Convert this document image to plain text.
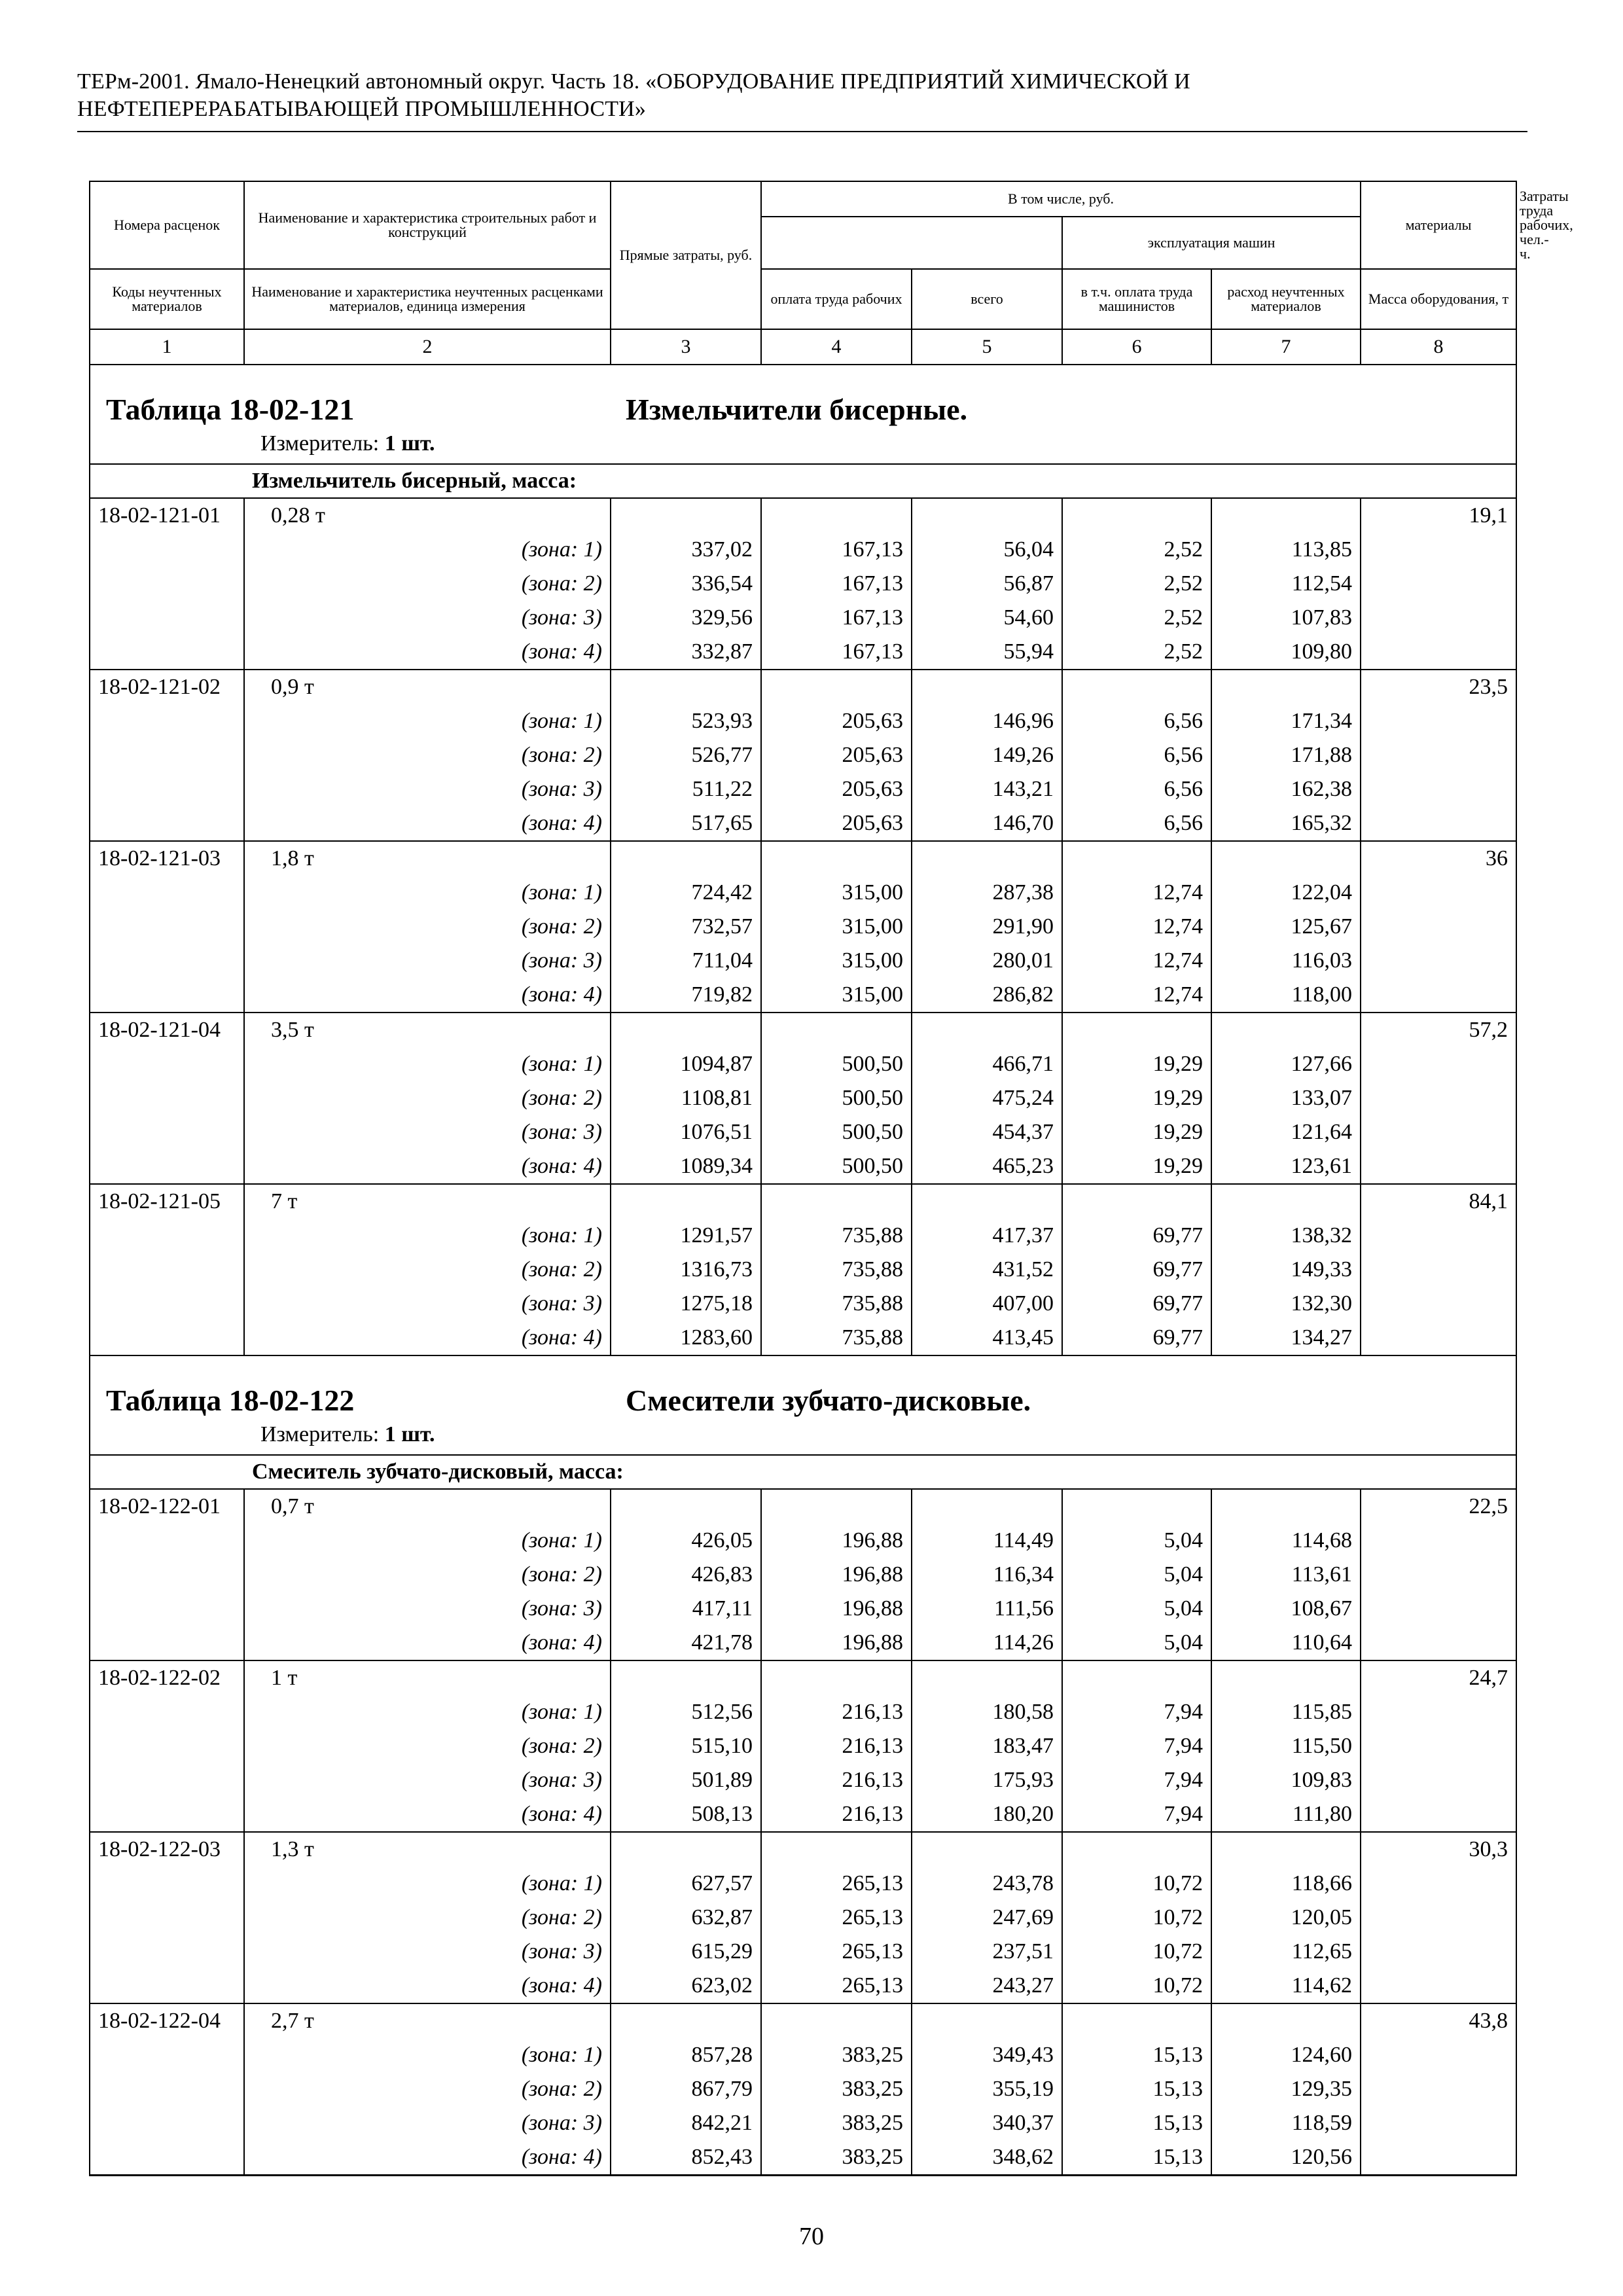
ТЕРм-2001. Ямало-Ненецкий автономный округ. Часть 18. «ОБОРУДОВАНИЕ ПРЕДПРИЯТИЙ ХИМИЧЕСКОЙ И
НЕФТЕПЕРЕРАБАТЫВАЮЩЕЙ ПРОМЫШЛЕННОСТИ»
Номера расценок	Наименование и характеристика строительных работ и конструкций	Прямые затраты, руб.	В том числе, руб.				материалы	Затраты труда рабочих, чел.-ч.
					эксплуатация машин			
Коды неучтенных материалов	Наименование и характеристика неучтенных расценками материалов, единица измерения		оплата труда рабочих	всего	в т.ч. оплата труда машинистов	расход неучтенных материалов	Масса оборудования, т	
1	2	3	4	5	6	7	8	

Таблица 18-02-121 Измельчители бисерные.
Измеритель: 1 шт.								

	Измельчитель бисерный, масса:							
18-02-121-01	0,28 т						19,1	
	(зона: 1)	337,02	167,13	56,04	2,52	113,85		
	(зона: 2)	336,54	167,13	56,87	2,52	112,54		
	(зона: 3)	329,56	167,13	54,60	2,52	107,83		
	(зона: 4)	332,87	167,13	55,94	2,52	109,80		
18-02-121-02	0,9 т						23,5	
	(зона: 1)	523,93	205,63	146,96	6,56	171,34		
	(зона: 2)	526,77	205,63	149,26	6,56	171,88		
	(зона: 3)	511,22	205,63	143,21	6,56	162,38		
	(зона: 4)	517,65	205,63	146,70	6,56	165,32		
18-02-121-03	1,8 т						36	
	(зона: 1)	724,42	315,00	287,38	12,74	122,04		
	(зона: 2)	732,57	315,00	291,90	12,74	125,67		
	(зона: 3)	711,04	315,00	280,01	12,74	116,03		
	(зона: 4)	719,82	315,00	286,82	12,74	118,00		
18-02-121-04	3,5 т						57,2	
	(зона: 1)	1094,87	500,50	466,71	19,29	127,66		
	(зона: 2)	1108,81	500,50	475,24	19,29	133,07		
	(зона: 3)	1076,51	500,50	454,37	19,29	121,64		
	(зона: 4)	1089,34	500,50	465,23	19,29	123,61		
18-02-121-05	7 т						84,1	
	(зона: 1)	1291,57	735,88	417,37	69,77	138,32		
	(зона: 2)	1316,73	735,88	431,52	69,77	149,33		
	(зона: 3)	1275,18	735,88	407,00	69,77	132,30		
	(зона: 4)	1283,60	735,88	413,45	69,77	134,27		

Таблица 18-02-122 Смесители зубчато-дисковые.
Измеритель: 1 шт.								

	Смеситель зубчато-дисковый, масса:							
18-02-122-01	0,7 т						22,5	
	(зона: 1)	426,05	196,88	114,49	5,04	114,68		
	(зона: 2)	426,83	196,88	116,34	5,04	113,61		
	(зона: 3)	417,11	196,88	111,56	5,04	108,67		
	(зона: 4)	421,78	196,88	114,26	5,04	110,64		
18-02-122-02	1 т						24,7	
	(зона: 1)	512,56	216,13	180,58	7,94	115,85		
	(зона: 2)	515,10	216,13	183,47	7,94	115,50		
	(зона: 3)	501,89	216,13	175,93	7,94	109,83		
	(зона: 4)	508,13	216,13	180,20	7,94	111,80		
18-02-122-03	1,3 т						30,3	
	(зона: 1)	627,57	265,13	243,78	10,72	118,66		
	(зона: 2)	632,87	265,13	247,69	10,72	120,05		
	(зона: 3)	615,29	265,13	237,51	10,72	112,65		
	(зона: 4)	623,02	265,13	243,27	10,72	114,62		
18-02-122-04	2,7 т						43,8	
	(зона: 1)	857,28	383,25	349,43	15,13	124,60		
	(зона: 2)	867,79	383,25	355,19	15,13	129,35		
	(зона: 3)	842,21	383,25	340,37	15,13	118,59		
	(зона: 4)	852,43	383,25	348,62	15,13	120,56		
70
